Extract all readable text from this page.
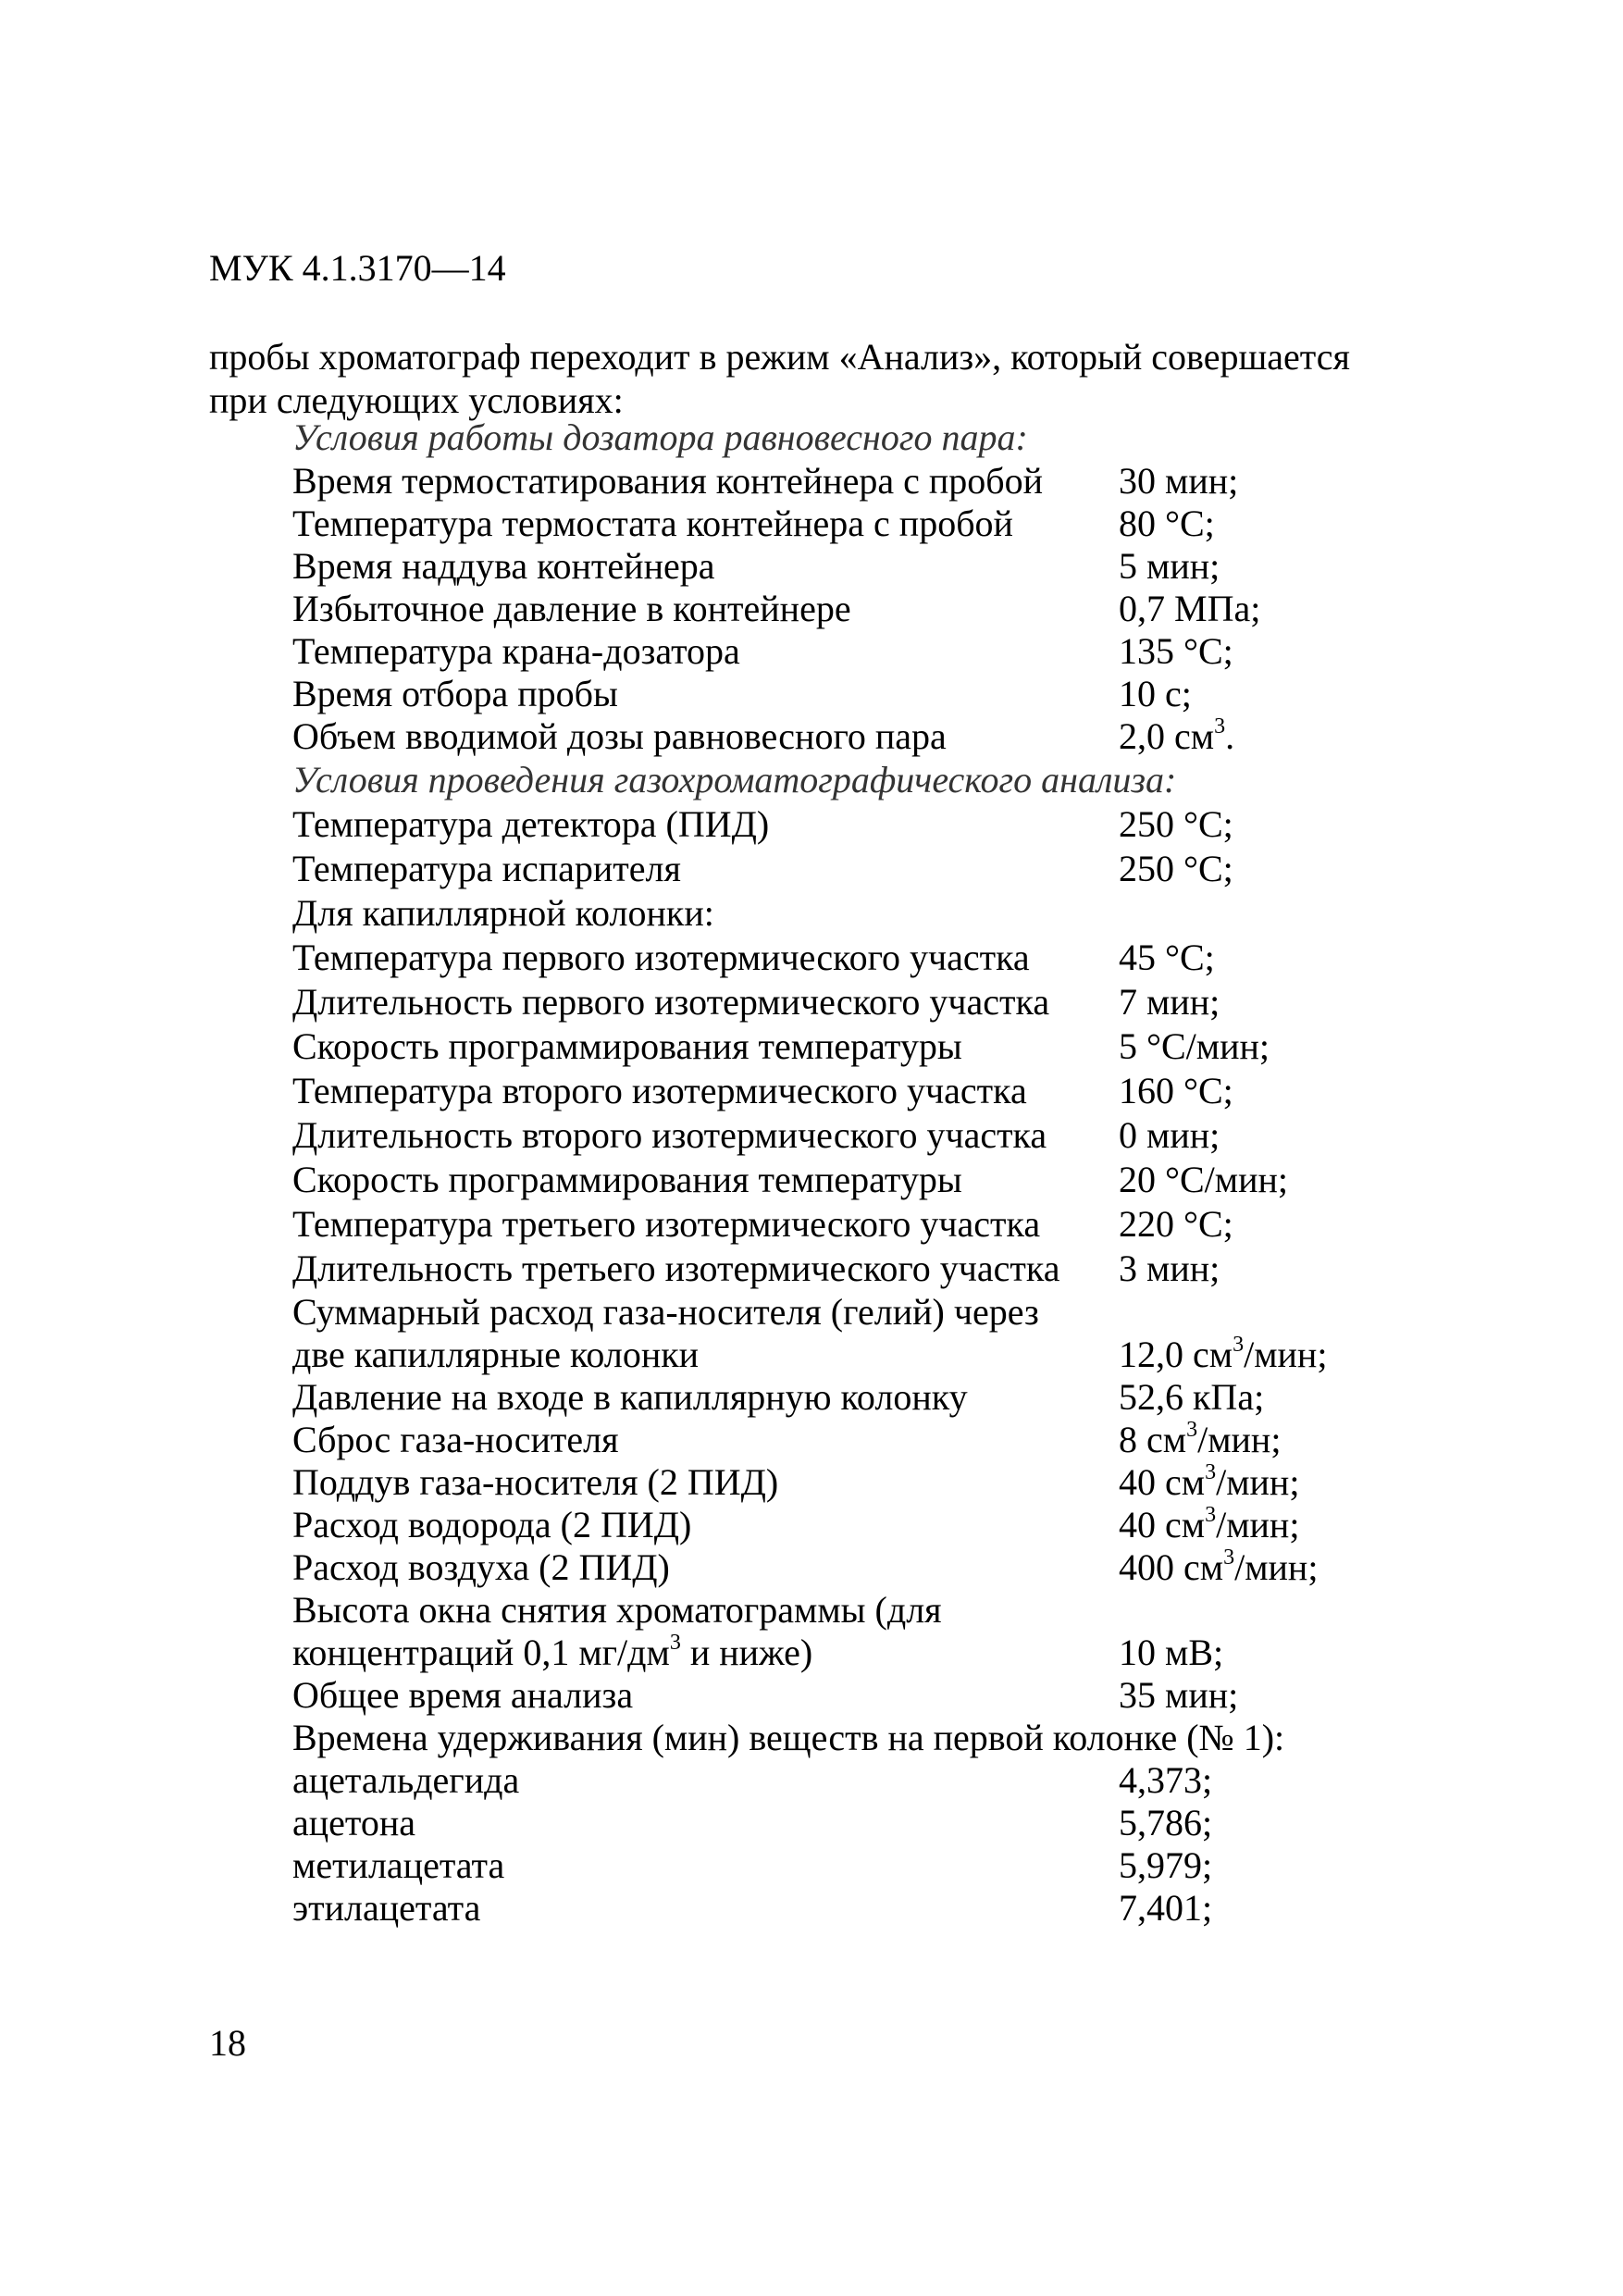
МУК 4.1.3170—14
пробы хроматограф переходит в режим «Анализ», который совершается
при следующих условиях:
Условия работы дозатора равновесного пара:
Время термостатирования контейнера с пробой 30 мин;
Температура термостата контейнера с пробой	80 °С;
Время наддува контейнера	5 мин;
Избыточное давление в контейнере	0,7 МПа;
Температура крана-дозатора	135 °С;
Время отбора пробы	10 с;
Объем вводимой дозы равновесного пара	2,0 $см^3$.
Условия проведения газохроматографического анализа:
Температура детектора (ПИД)	250 °С;
Температура испарителя	250 °С;
Для капиллярной колонки:
Температура первого изотермического участка 45 °С;
Длительность первого изотермического участка 7 мин;
Скорость программирования температуры	5 °С/мин;
Температура второго изотермического участка 160 °С;
Длительность второго изотермического участка 0 мин;
Скорость программирования температуры	20 °С/мин;
Температура третьего изотермического участка 220 °С;
Длительность третьего изотермического участка 3 мин;
Суммарный расход газа-носителя (гелий) через
две капиллярные колонки	12,0 $см^3$/мин;
Давление на входе в капиллярную колонку	52,6 кПа;
Сброс газа-носителя	8 $см^3$/мин;
Поддув газа-носителя (2 ПИД)	40 $см^3$/мин;
Расход водорода (2 ПИД)	40 $см^3$/мин;
Расход воздуха (2 ПИД)	400 $см^3$/мин;
Высота окна снятия хроматограммы (для
концентраций 0,1 $мг/дм^3$ и ниже)	10 мВ;
Общее время анализа	35 мин;
Времена удерживания (мин) веществ на первой колонке (№ 1):
ацетальдегида	4,373;
ацетона	5,786;
метилацетата	5,979;
этилацетата	7,401;
18
